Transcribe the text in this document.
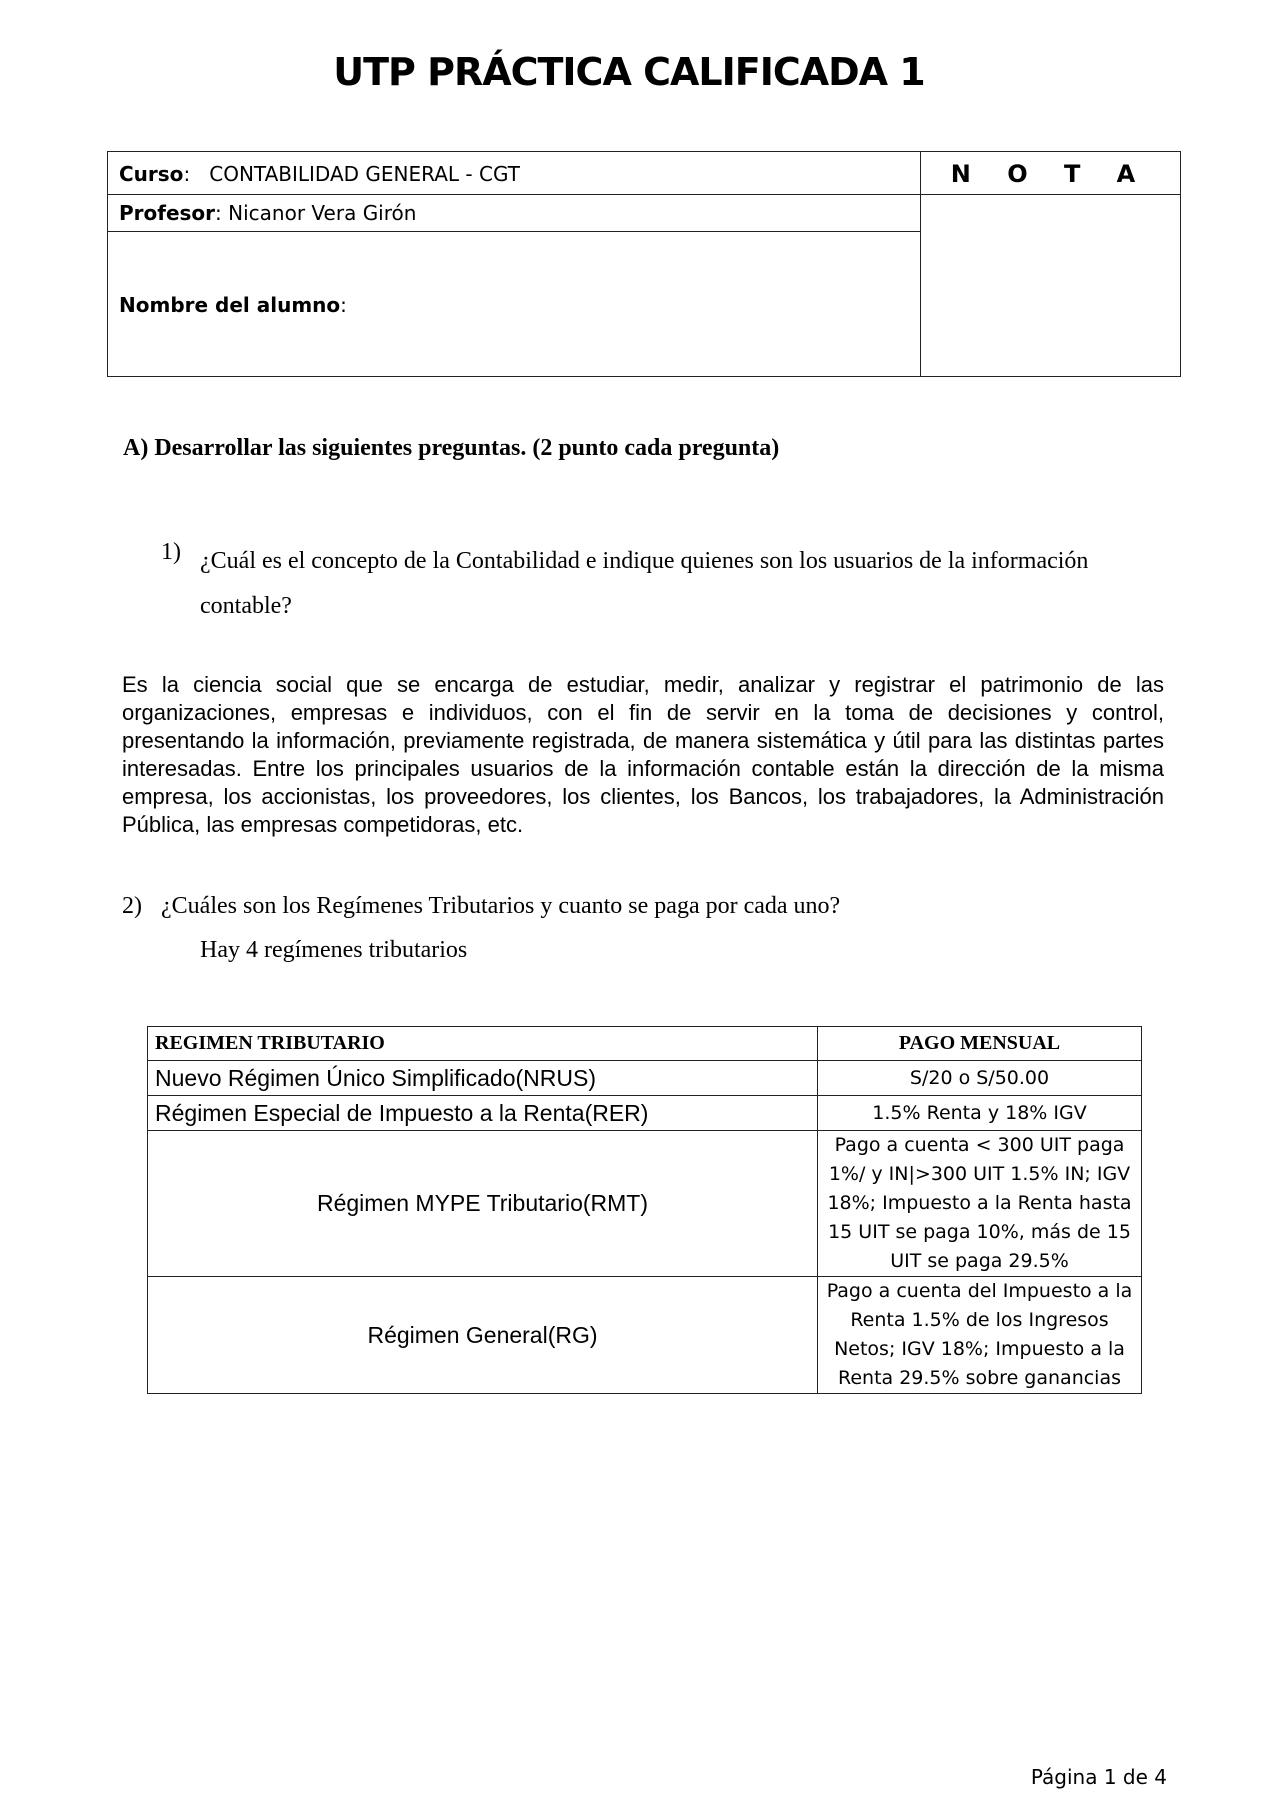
UTP PRÁCTICA CALIFICADA 1
Curso:   CONTABILIDAD GENERAL - CGT
Profesor: Nicanor Vera Girón
Nombre del alumno:
N O T A
A) Desarrollar las siguientes preguntas. (2 punto cada pregunta)
1) ¿Cuál es el concepto de la Contabilidad e indique quienes son los usuarios de la información contable?
Es la ciencia social que se encarga de estudiar, medir, analizar y registrar el patrimonio de las organizaciones, empresas e individuos, con el fin de servir en la toma de decisiones y control, presentando la información, previamente registrada, de manera sistemática y útil para las distintas partes interesadas. Entre los principales usuarios de la información contable están la dirección de la misma empresa, los accionistas, los proveedores, los clientes, los Bancos, los trabajadores, la Administración Pública, las empresas competidoras, etc.
2) ¿Cuáles son los Regímenes Tributarios y cuanto se paga por cada uno?
Hay 4 regímenes tributarios
REGIMEN TRIBUTARIO	PAGO MENSUAL
Nuevo Régimen Único Simplificado(NRUS)	S/20 o S/50.00
Régimen Especial de Impuesto a la Renta(RER)	1.5% Renta y 18% IGV
Régimen MYPE Tributario(RMT)	Pago a cuenta < 300 UIT paga 1%/ y IN|>300 UIT 1.5% IN; IGV 18%; Impuesto a la Renta hasta 15 UIT se paga 10%, más de 15 UIT se paga 29.5%
Régimen General(RG)	Pago a cuenta del Impuesto a la Renta 1.5% de los Ingresos Netos; IGV 18%; Impuesto a la Renta 29.5% sobre ganancias
Página 1 de 4
